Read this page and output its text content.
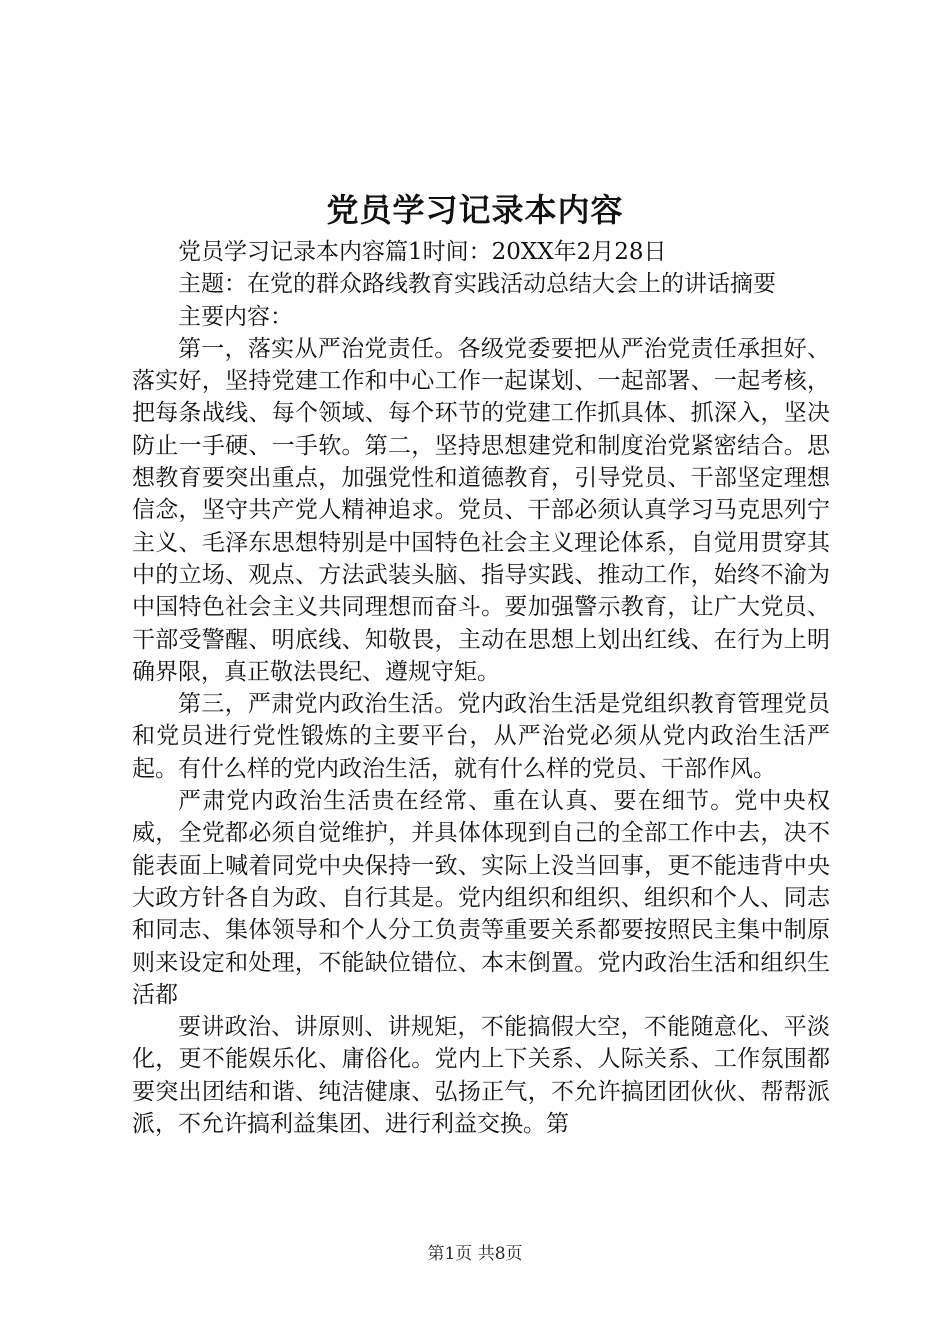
党员学习记录本内容

党员学习记录本内容篇1时间：20XX年2月28日

主题：在党的群众路线教育实践活动总结大会上的讲话摘要

主要内容：

第一，落实从严治党责任。各级党委要把从严治党责任承担好、落实好，坚持党建工作和中心工作一起谋划、一起部署、一起考核，把每条战线、每个领域、每个环节的党建工作抓具体、抓深入，坚决防止一手硬、一手软。第二，坚持思想建党和制度治党紧密结合。思想教育要突出重点，加强党性和道德教育，引导党员、干部坚定理想信念，坚守共产党人精神追求。党员、干部必须认真学习马克思列宁主义、毛泽东思想特别是中国特色社会主义理论体系，自觉用贯穿其中的立场、观点、方法武装头脑、指导实践、推动工作，始终不渝为中国特色社会主义共同理想而奋斗。要加强警示教育，让广大党员、干部受警醒、明底线、知敬畏，主动在思想上划出红线、在行为上明确界限，真正敬法畏纪、遵规守矩。

第三，严肃党内政治生活。党内政治生活是党组织教育管理党员和党员进行党性锻炼的主要平台，从严治党必须从党内政治生活严起。有什么样的党内政治生活，就有什么样的党员、干部作风。

严肃党内政治生活贵在经常、重在认真、要在细节。党中央权威，全党都必须自觉维护，并具体体现到自己的全部工作中去，决不能表面上喊着同党中央保持一致、实际上没当回事，更不能违背中央大政方针各自为政、自行其是。党内组织和组织、组织和个人、同志和同志、集体领导和个人分工负责等重要关系都要按照民主集中制原则来设定和处理，不能缺位错位、本末倒置。党内政治生活和组织生活都

要讲政治、讲原则、讲规矩，不能搞假大空，不能随意化、平淡化，更不能娱乐化、庸俗化。党内上下关系、人际关系、工作氛围都要突出团结和谐、纯洁健康、弘扬正气，不允许搞团团伙伙、帮帮派派，不允许搞利益集团、进行利益交换。第

第1页 共8页
